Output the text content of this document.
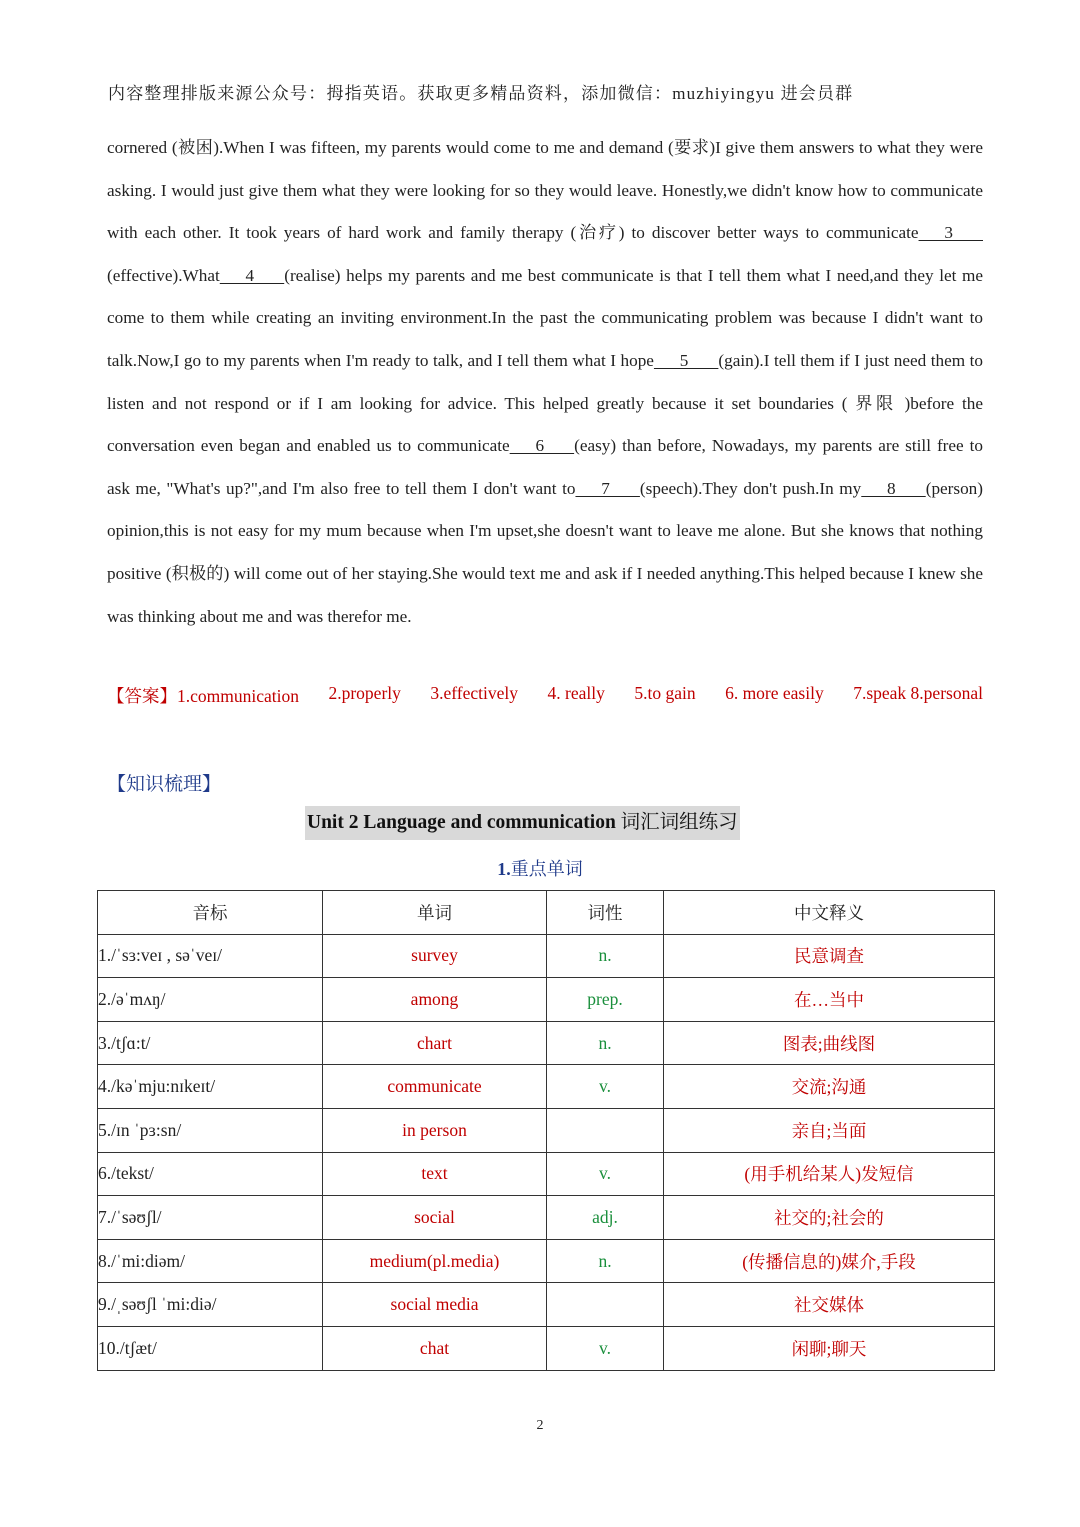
内容整理排版来源公众号：拇指英语。获取更多精品资料，添加微信：muzhiyingyu 进会员群
cornered (被困).When I was fifteen, my parents would come to me and demand (要求)I give them answers to what they were asking. I would just give them what they were looking for so they would leave. Honestly,we didn't know how to communicate with each other. It took years of hard work and family therapy (治疗) to discover better ways to communicate      3       (effective).What      4       (realise) helps my parents and me best communicate is that I tell them what I need,and they let me come to them while creating an inviting environment.In the past the communicating problem was because I didn't want to talk.Now,I go to my parents when I'm ready to talk, and I tell them what I hope      5       (gain).I tell them if I just need them to listen and not respond or if I am looking for advice. This helped greatly because it set boundaries ( 界限 )before the conversation even began and enabled us to communicate      6       (easy) than before, Nowadays, my parents are still free to ask me, "What's up?",and I'm also free to tell them I don't want to      7       (speech).They don't push.In my      8       (person) opinion,this is not easy for my mum because when I'm upset,she doesn't want to leave me alone. But she knows that nothing positive (积极的) will come out of her staying.She would text me and ask if I needed anything.This helped because I knew she was thinking about me and was therefor me.
【答案】1.communication 2.properly 3.effectively 4. really 5.to gain 6. more easily 7.speak 8.personal
【知识梳理】
Unit 2 Language and communication 词汇词组练习
1.重点单词
音标	单词	词性	中文释义
1./ˈsɜ:veɪ , səˈveɪ/	survey	n.	民意调查
2./əˈmʌŋ/	among	prep.	在…当中
3./tʃɑ:t/	chart	n.	图表;曲线图
4./kəˈmju:nɪkeɪt/	communicate	v.	交流;沟通
5./ɪn ˈpɜ:sn/	in person		亲自;当面
6./tekst/	text	v.	(用手机给某人)发短信
7./ˈsəʊʃl/	social	adj.	社交的;社会的
8./ˈmi:diəm/	medium(pl.media)	n.	(传播信息的)媒介,手段
9./ˌsəʊʃl ˈmi:diə/	social media		社交媒体
10./tʃæt/	chat	v.	闲聊;聊天
2
